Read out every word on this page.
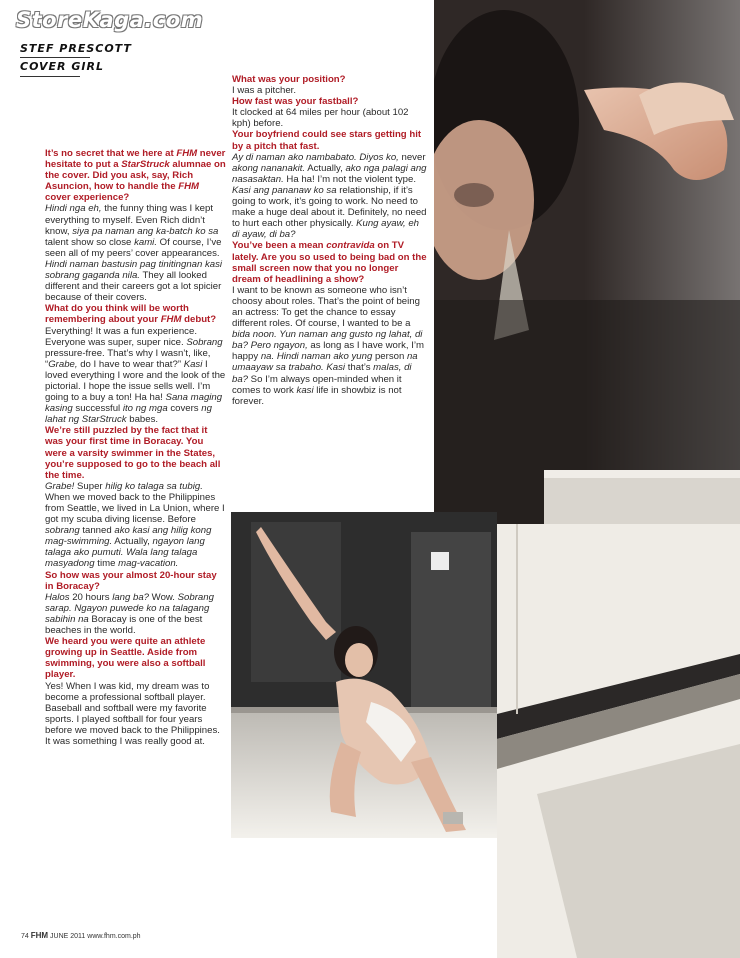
StoreKaga.com
STEF PRESCOTT
COVER GIRL

It’s no secret that we here at FHM never hesitate to put a StarStruck alumnae on the cover. Did you ask, say, Rich Asuncion, how to handle the FHM cover experience?

Hindi nga eh, the funny thing was I kept everything to myself. Even Rich didn’t know, siya pa naman ang ka-batch ko sa talent show so close kami. Of course, I’ve seen all of my peers’ cover appearances. Hindi naman bastusin pag tinitingnan kasi sobrang gaganda nila. They all looked different and their careers got a lot spicier because of their covers.

What do you think will be worth remembering about your FHM debut?

Everything! It was a fun experience. Everyone was super, super nice. Sobrang pressure-free. That’s why I wasn’t, like, “Grabe, do I have to wear that?” Kasi I loved everything I wore and the look of the pictorial. I hope the issue sells well. I’m going to a buy a ton! Ha ha! Sana maging kasing successful ito ng mga covers ng lahat ng StarStruck babes.

We’re still puzzled by the fact that it was your first time in Boracay. You were a varsity swimmer in the States, you’re supposed to go to the beach all the time.

Grabe! Super hilig ko talaga sa tubig. When we moved back to the Philippines from Seattle, we lived in La Union, where I got my scuba diving license. Before sobrang tanned ako kasi ang hilig kong mag-swimming. Actually, ngayon lang talaga ako pumuti. Wala lang talaga masyadong time mag-vacation.

So how was your almost 20-hour stay in Boracay?

Halos 20 hours lang ba? Wow. Sobrang sarap. Ngayon puwede ko na talagang sabihin na Boracay is one of the best beaches in the world.

We heard you were quite an athlete growing up in Seattle. Aside from swimming, you were also a softball player.

Yes! When I was kid, my dream was to become a professional softball player. Baseball and softball were my favorite sports. I played softball for four years before we moved back to the Philippines. It was something I was really good at.

What was your position?

I was a pitcher.

How fast was your fastball?

It clocked at 64 miles per hour (about 102 kph) before.

Your boyfriend could see stars getting hit by a pitch that fast.

Ay di naman ako nambabato. Diyos ko, never akong nananakit. Actually, ako nga palagi ang nasasaktan. Ha ha! I’m not the violent type. Kasi ang pananaw ko sa relationship, if it’s going to work, it’s going to work. No need to make a huge deal about it. Definitely, no need to hurt each other physically. Kung ayaw, eh di ayaw, di ba?

You’ve been a mean contravida on TV lately. Are you so used to being bad on the small screen now that you no longer dream of headlining a show?

I want to be known as someone who isn’t choosy about roles. That’s the point of being an actress: To get the chance to essay different roles. Of course, I wanted to be a bida noon. Yun naman ang gusto ng lahat, di ba? Pero ngayon, as long as I have work, I’m happy na. Hindi naman ako yung person na umaayaw sa trabaho. Kasi that’s malas, di ba? So I’m always open-minded when it comes to work kasi life in showbiz is not forever.

74 FHM JUNE 2011 www.fhm.com.ph
